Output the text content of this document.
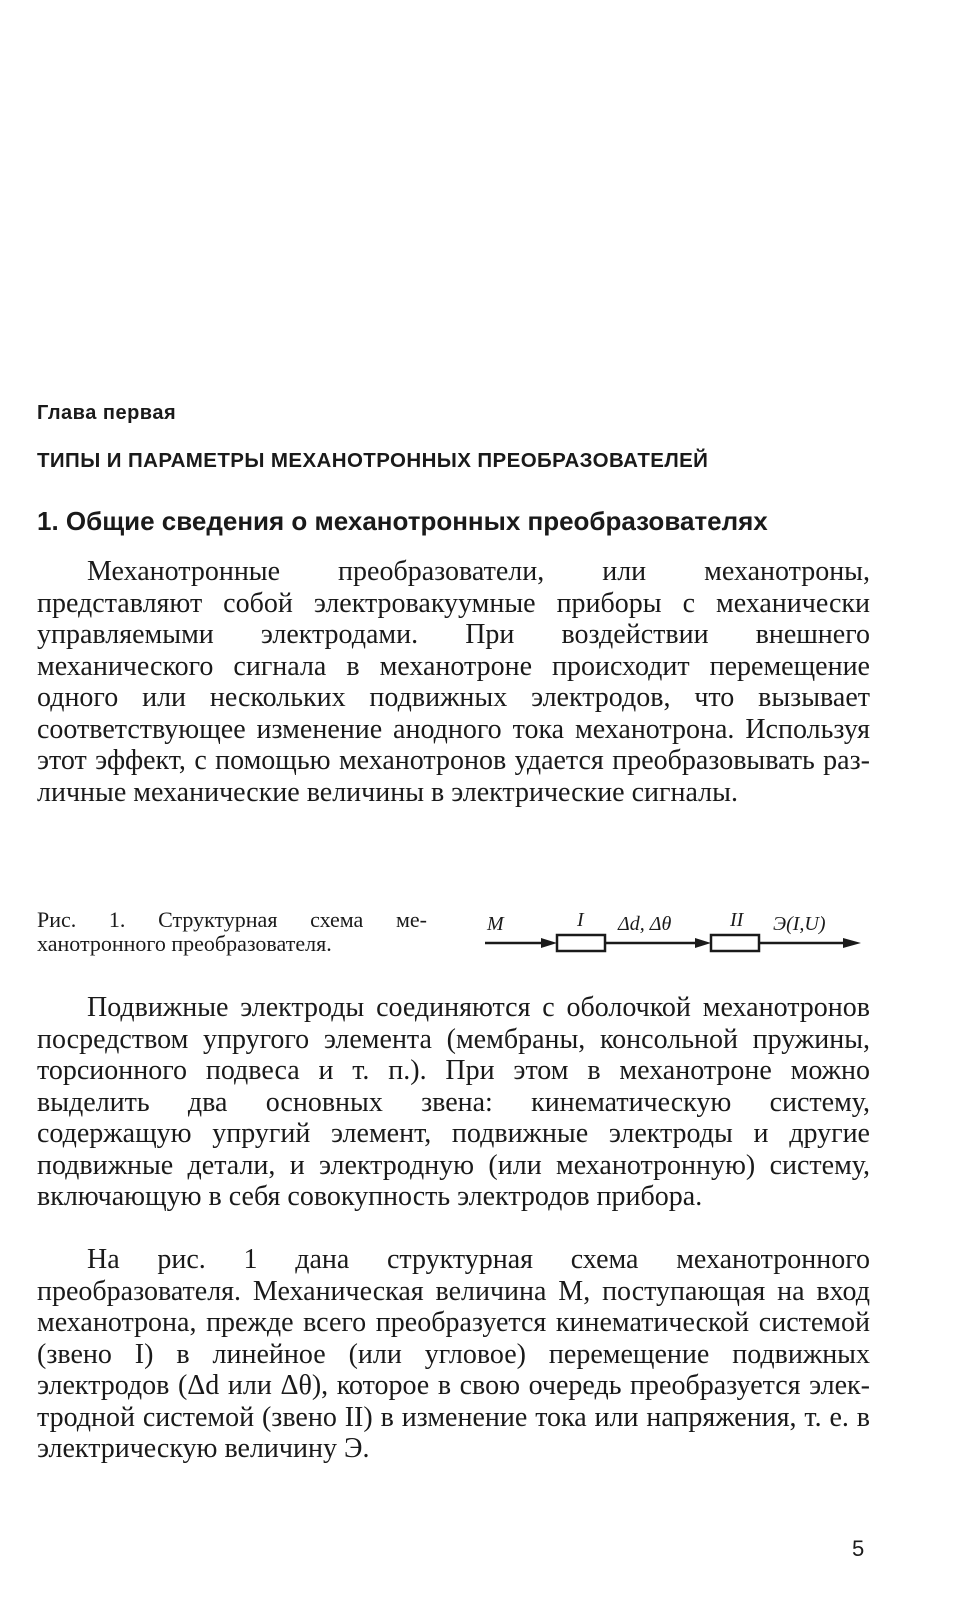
Глава первая
ТИПЫ И ПАРАМЕТРЫ МЕХАНОТРОННЫХ ПРЕОБРАЗОВАТЕЛЕЙ
1. Общие сведения о механотронных преобразователях

Механотронные преобразователи, или механотроны, представляют собой электровакуумные приборы с механически управляемыми электродами. При воздействии внешнего механического сигнала в механотроне происходит перемещение одного или нескольких подвижных электродов, что вызывает соответствующее изменение анодного тока механотрона. Используя этот эффект, с помощью механотронов удается преобразовывать различные механические величины в электрические сигналы.

Рис. 1. Структурная схема механотронного преобразователя.

M	I Δd, Δθ	II Э(I,U)

Подвижные электроды соединяются с оболочкой механотронов посредством упругого элемента (мембраны, консольной пружины, торсионного подвеса и т. п.). При этом в механотроне можно выделить два основных звена: кинематическую систему, содержащую упругий элемент, подвижные электроды и другие подвижные детали, и электродную (или механотронную) систему, включающую в себя совокупность электродов прибора.

На рис. 1 дана структурная схема механотронного преобразователя. Механическая величина M, поступающая на вход механотрона, прежде всего преобразуется кинематической системой (звено I) в линейное (или угловое) перемещение подвижных электродов (Δd или Δθ), которое в свою очередь преобразуется электродной системой (звено II) в изменение тока или напряжения, т. е. в электрическую величину Э.

5
